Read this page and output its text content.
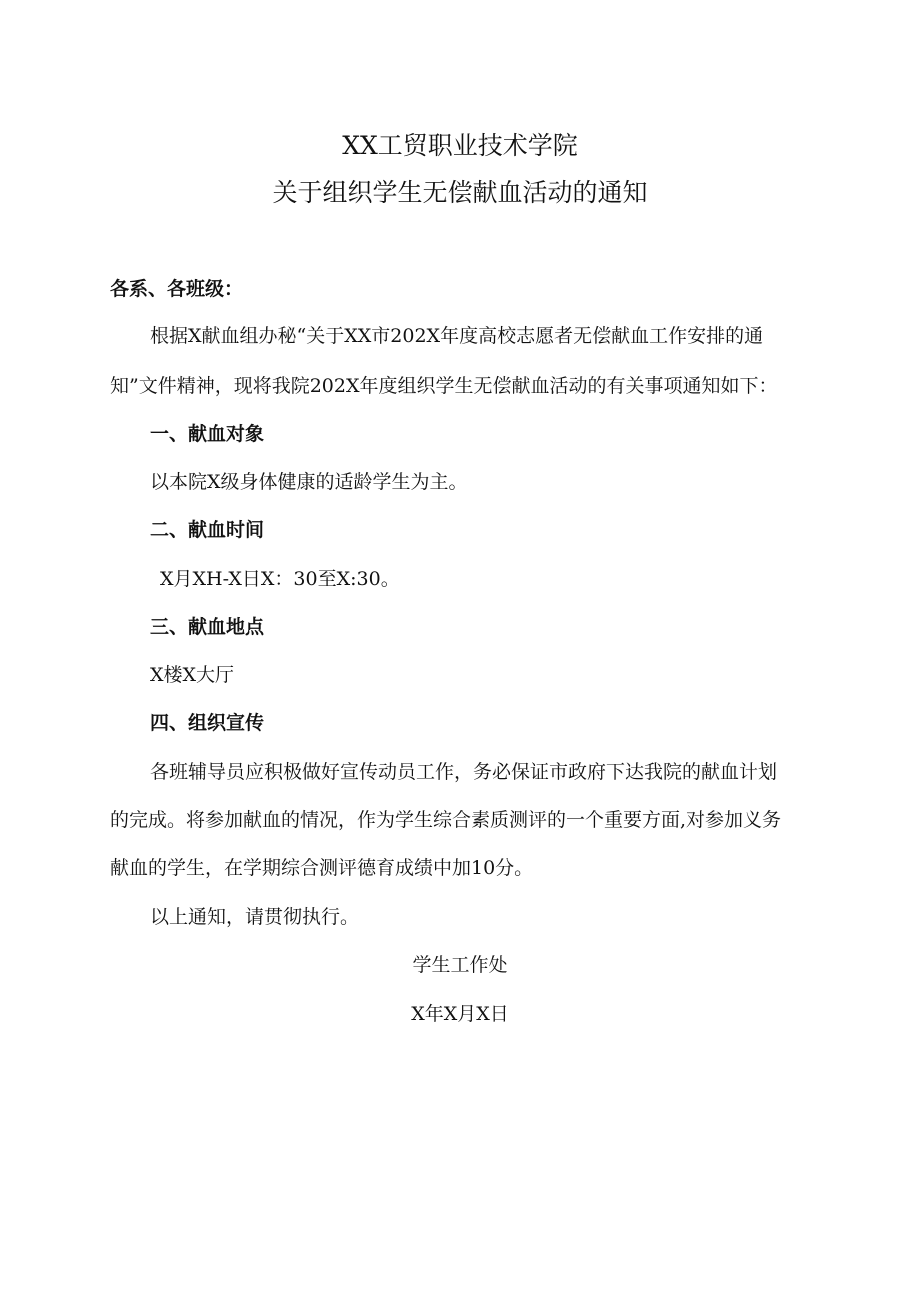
XX工贸职业技术学院
关于组织学生无偿献血活动的通知
各系、各班级：
根据X献血组办秘“关于XX市202X年度高校志愿者无偿献血工作安排的通
知”文件精神，现将我院202X年度组织学生无偿献血活动的有关事项通知如下：
一、献血对象
以本院X级身体健康的适龄学生为主。
二、献血时间
X月XH-X日X：30至X:30。
三、献血地点
X楼X大厅
四、组织宣传
各班辅导员应积极做好宣传动员工作，务必保证市政府下达我院的献血计划
的完成。将参加献血的情况，作为学生综合素质测评的一个重要方面,对参加义务
献血的学生，在学期综合测评德育成绩中加10分。
以上通知，请贯彻执行。
学生工作处
X年X月X日
